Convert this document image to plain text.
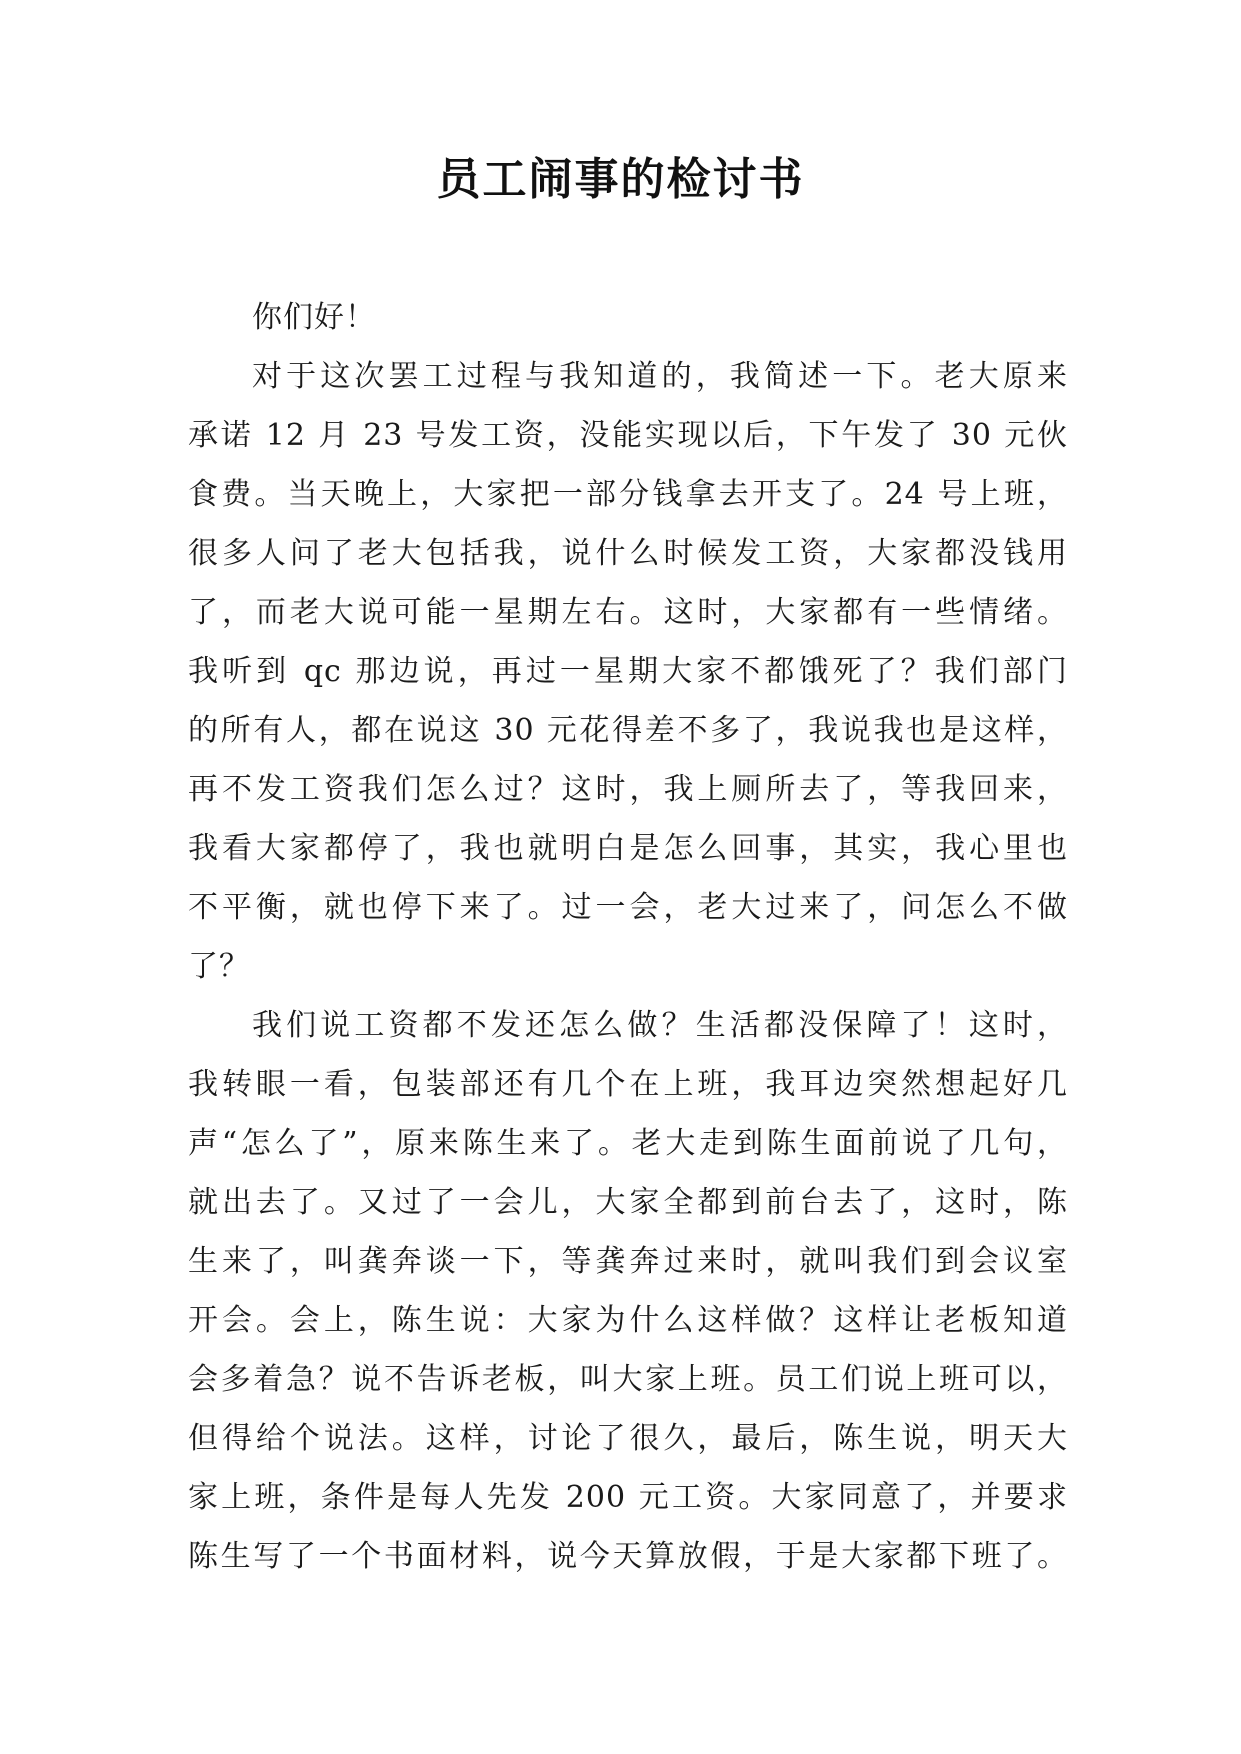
员工闹事的检讨书
你们好！
对于这次罢工过程与我知道的，我简述一下。老大原来
承诺 12 月 23 号发工资，没能实现以后，下午发了 30 元伙
食费。当天晚上，大家把一部分钱拿去开支了。24 号上班，
很多人问了老大包括我，说什么时候发工资，大家都没钱用
了，而老大说可能一星期左右。这时，大家都有一些情绪。
我听到 qc 那边说，再过一星期大家不都饿死了？我们部门
的所有人，都在说这 30 元花得差不多了，我说我也是这样，
再不发工资我们怎么过？这时，我上厕所去了，等我回来，
我看大家都停了，我也就明白是怎么回事，其实，我心里也
不平衡，就也停下来了。过一会，老大过来了，问怎么不做
了？
我们说工资都不发还怎么做？生活都没保障了！这时，
我转眼一看，包装部还有几个在上班，我耳边突然想起好几
声“怎么了”，原来陈生来了。老大走到陈生面前说了几句，
就出去了。又过了一会儿，大家全都到前台去了，这时，陈
生来了，叫龚奔谈一下，等龚奔过来时，就叫我们到会议室
开会。会上，陈生说：大家为什么这样做？这样让老板知道
会多着急？说不告诉老板，叫大家上班。员工们说上班可以，
但得给个说法。这样，讨论了很久，最后，陈生说，明天大
家上班，条件是每人先发 200 元工资。大家同意了，并要求
陈生写了一个书面材料，说今天算放假，于是大家都下班了。
